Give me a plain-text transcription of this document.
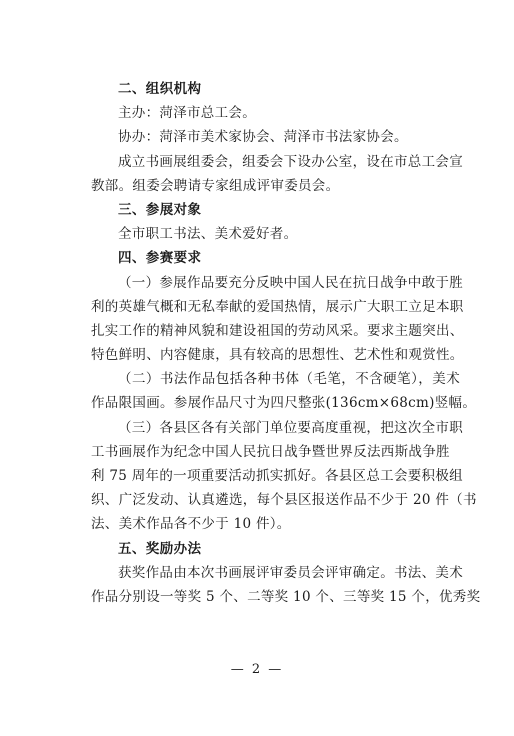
二、组织机构
主办：菏泽市总工会。
协办：菏泽市美术家协会、菏泽市书法家协会。
成立书画展组委会，组委会下设办公室，设在市总工会宣
教部。组委会聘请专家组成评审委员会。
三、参展对象
全市职工书法、美术爱好者。
四、参赛要求
（一）参展作品要充分反映中国人民在抗日战争中敢于胜
利的英雄气概和无私奉献的爱国热情，展示广大职工立足本职
扎实工作的精神风貌和建设祖国的劳动风采。要求主题突出、
特色鲜明、内容健康，具有较高的思想性、艺术性和观赏性。
（二）书法作品包括各种书体（毛笔，不含硬笔），美术
作品限国画。参展作品尺寸为四尺整张(136cm×68cm)竖幅。
（三）各县区各有关部门单位要高度重视，把这次全市职
工书画展作为纪念中国人民抗日战争暨世界反法西斯战争胜
利 75 周年的一项重要活动抓实抓好。各县区总工会要积极组
织、广泛发动、认真遴选，每个县区报送作品不少于 20 件（书
法、美术作品各不少于 10 件）。
五、奖励办法
获奖作品由本次书画展评审委员会评审确定。书法、美术
作品分别设一等奖 5 个、二等奖 10 个、三等奖 15 个，优秀奖
— 2 —
